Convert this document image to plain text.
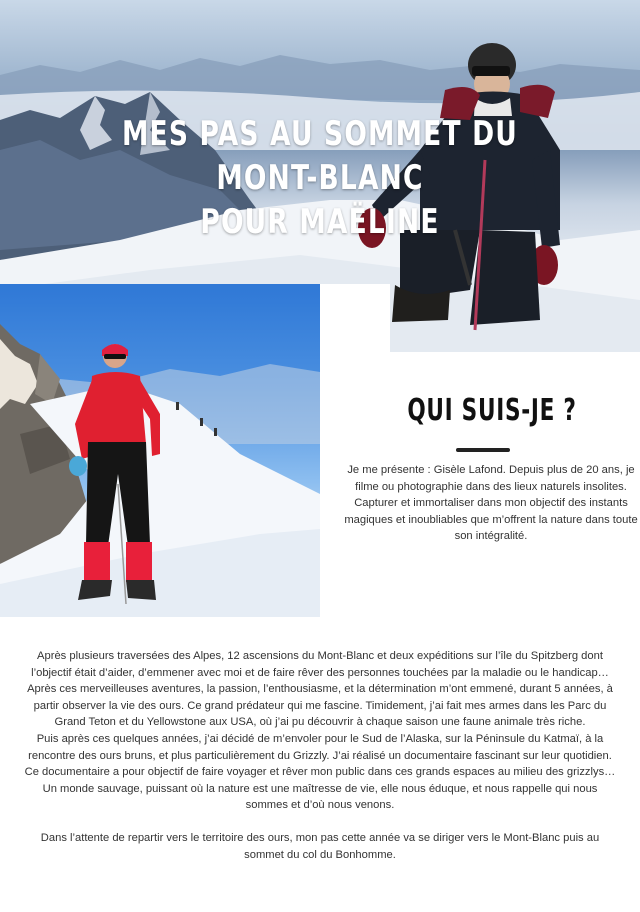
MES PAS AU SOMMET DU MONT-BLANC
POUR MAËLINE
QUI SUIS-JE ?
Je me présente : Gisèle Lafond. Depuis plus de 20 ans, je filme ou photographie dans des lieux naturels insolites. Capturer et immortaliser dans mon objectif des instants magiques et inoubliables que m’offrent la nature dans toute son intégralité.

Après plusieurs traversées des Alpes, 12 ascensions du Mont-Blanc et deux expéditions sur l’île du Spitzberg dont l’objectif était d’aider, d’emmener avec moi et de faire rêver des personnes touchées par la maladie ou le handicap…

Après ces merveilleuses aventures, la passion, l’enthousiasme, et la détermination m’ont emmené, durant 5 années, à partir observer la vie des ours. Ce grand prédateur qui me fascine. Timidement, j’ai fait mes armes dans les Parc du Grand Teton et du Yellowstone aux USA, où j’ai pu découvrir à chaque saison une faune animale très riche.

Puis après ces quelques années, j’ai décidé de m’envoler pour le Sud de l’Alaska, sur la Péninsule du Katmaï, à la rencontre des ours bruns, et plus particulièrement du Grizzly. J’ai réalisé un documentaire fascinant sur leur quotidien. Ce documentaire a pour objectif de faire voyager et rêver mon public dans ces grands espaces au milieu des grizzlys… Un monde sauvage, puissant où la nature est une maîtresse de vie, elle nous éduque, et nous rappelle qui nous sommes et d’où nous venons.

Dans l’attente de repartir vers le territoire des ours, mon pas cette année va se diriger vers le Mont-Blanc puis au sommet du col du Bonhomme.
